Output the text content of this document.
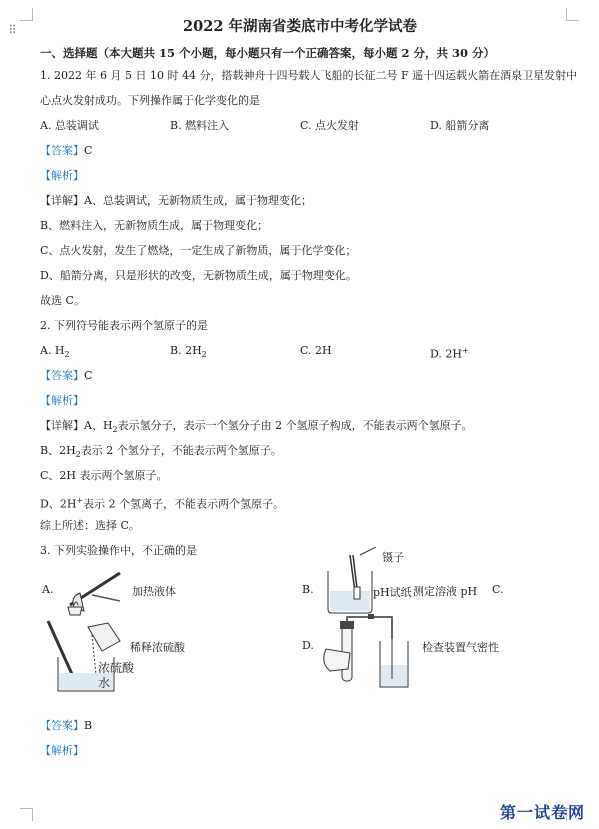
⠿	2022 年湖南省娄底市中考化学试卷
一、选择题（本大题共 15 个小题，每小题只有一个正确答案，每小题 2 分，共 30 分）
1. 2022 年 6 月 5 日 10 时 44 分，搭载神舟十四号载人飞船的长征二号 F 遥十四运载火箭在酒泉卫星发射中
心点火发射成功。下列操作属于化学变化的是
A. 总装调试	B. 燃料注入	C. 点火发射	D. 船箭分离
【答案】C
【解析】
【详解】A、总装调试，无新物质生成，属于物理变化；
B、燃料注入，无新物质生成，属于物理变化；
C、点火发射，发生了燃烧，一定生成了新物质，属于化学变化；
D、船箭分离，只是形状的改变，无新物质生成，属于物理变化。
故选 C。
2. 下列符号能表示两个氢原子的是
A. $H_2$	B. $2H_2$	C. 2H	D. 2H+
【答案】C
【解析】
【详解】A、$H_2$表示氢分子，表示一个氢分子由 2 个氢原子构成，不能表示两个氢原子。
B、$2H_2$表示 2 个氢分子，不能表示两个氢原子。
C、2H 表示两个氢原子。
D、2H+表示 2 个氢离子，不能表示两个氢原子。
综上所述：选择 C。
3. 下列实验操作中，不正确的是
A.	加热液体	B.
镊子
pH试纸 测定溶液 pH C.
稀释浓硫酸
浓硫酸
水
D.	检查装置气密性
【答案】B
【解析】
第一试卷网
